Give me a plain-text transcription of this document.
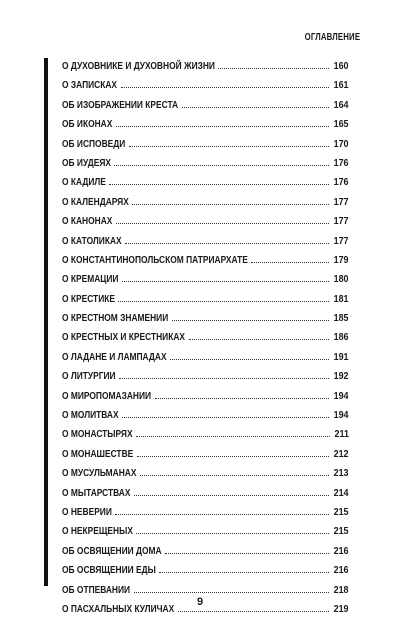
ОГЛАВЛЕНИЕ
О ДУХОВНИКЕ И ДУХОВНОЙ ЖИЗНИ	160
О ЗАПИСКАХ	161
ОБ ИЗОБРАЖЕНИИ КРЕСТА	164
ОБ ИКОНАХ	165
ОБ ИСПОВЕДИ	170
ОБ ИУДЕЯХ	176
О КАДИЛЕ	176
О КАЛЕНДАРЯХ	177
О КАНОНАХ	177
О КАТОЛИКАХ	177
О КОНСТАНТИНОПОЛЬСКОМ ПАТРИАРХАТЕ	179
О КРЕМАЦИИ	180
О КРЕСТИКЕ	181
О КРЕСТНОМ ЗНАМЕНИИ	185
О КРЕСТНЫХ И КРЕСТНИКАХ	186
О ЛАДАНЕ И ЛАМПАДАХ	191
О ЛИТУРГИИ	192
О МИРОПОМАЗАНИИ	194
О МОЛИТВАХ	194
О МОНАСТЫРЯХ	211
О МОНАШЕСТВЕ	212
О МУСУЛЬМАНАХ	213
О МЫТАРСТВАХ	214
О НЕВЕРИИ	215
О НЕКРЕЩЕНЫХ	215
ОБ ОСВЯЩЕНИИ ДОМА	216
ОБ ОСВЯЩЕНИИ ЕДЫ	216
ОБ ОТПЕВАНИИ	218
О ПАСХАЛЬНЫХ КУЛИЧАХ	219
9
